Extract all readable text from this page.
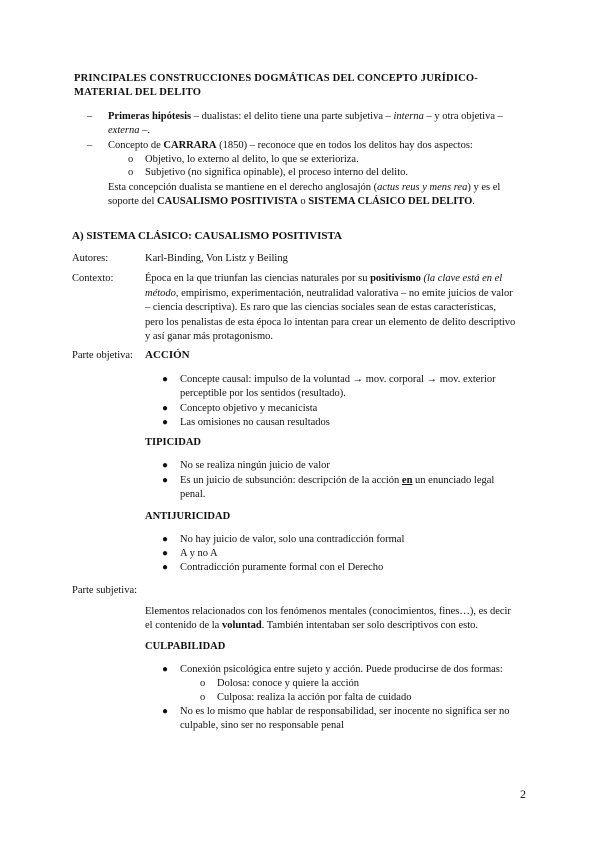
PRINCIPALES CONSTRUCCIONES DOGMÁTICAS DEL CONCEPTO JURÍDICO-
MATERIAL DEL DELITO
– Primeras hipótesis – dualistas: el delito tiene una parte subjetiva – interna – y otra objetiva –
externa –.
– Concepto de CARRARA (1850) – reconoce que en todos los delitos hay dos aspectos:
o Objetivo, lo externo al delito, lo que se exterioriza.
o Subjetivo (no significa opinable), el proceso interno del delito.
Esta concepción dualista se mantiene en el derecho anglosajón (actus reus y mens rea) y es el
soporte del CAUSALISMO POSITIVISTA o SISTEMA CLÁSICO DEL DELITO.
A) SISTEMA CLÁSICO: CAUSALISMO POSITIVISTA
Autores:	Karl-Binding, Von Listz y Beiling
Contexto:	Época en la que triunfan las ciencias naturales por su positivismo (la clave está en el
método, empirismo, experimentación, neutralidad valorativa – no emite juicios de valor
– ciencia descriptiva). Es raro que las ciencias sociales sean de estas características,
pero los penalistas de esta época lo intentan para crear un elemento de delito descriptivo
y así ganar más protagonismo.
Parte objetiva: ACCIÓN
● Concepte causal: impulso de la voluntad → mov. corporal → mov. exterior
perceptible por los sentidos (resultado).
● Concepto objetivo y mecanicista
● Las omisiones no causan resultados
TIPICIDAD
● No se realiza ningún juicio de valor
● Es un juicio de subsunción: descripción de la acción en un enunciado legal
penal.
ANTIJURICIDAD
● No hay juicio de valor, solo una contradicción formal
● A y no A
● Contradicción puramente formal con el Derecho
Parte subjetiva:
Elementos relacionados con los fenómenos mentales (conocimientos, fines…), es decir
el contenido de la voluntad. También intentaban ser solo descriptivos con esto.
CULPABILIDAD
● Conexión psicológica entre sujeto y acción. Puede producirse de dos formas:
o Dolosa: conoce y quiere la acción
o Culposa: realiza la acción por falta de cuidado
● No es lo mismo que hablar de responsabilidad, ser inocente no significa ser no
culpable, sino ser no responsable penal
2
